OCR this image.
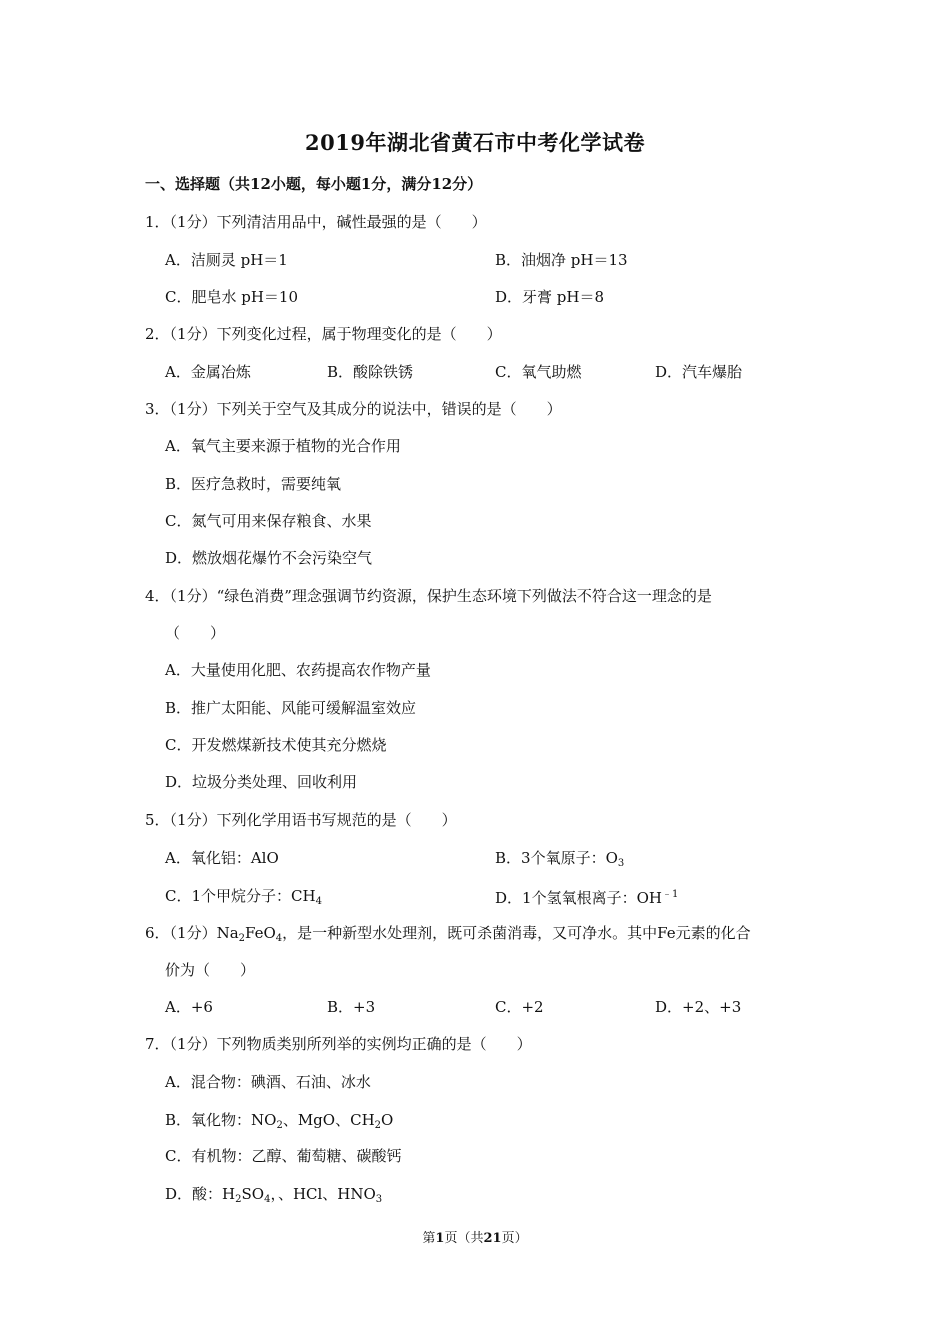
2019年湖北省黄石市中考化学试卷
一、选择题（共12小题，每小题1分，满分12分）
1．（1分）下列清洁用品中，碱性最强的是（　　）
A．洁厕灵 pH＝1	B．油烟净 pH＝13
C．肥皂水 pH＝10	D．牙膏 pH＝8
2．（1分）下列变化过程，属于物理变化的是（　　）
A．金属冶炼	B．酸除铁锈	C．氧气助燃	D．汽车爆胎
3．（1分）下列关于空气及其成分的说法中，错误的是（　　）
A．氧气主要来源于植物的光合作用
B．医疗急救时，需要纯氧
C．氮气可用来保存粮食、水果
D．燃放烟花爆竹不会污染空气
4．（1分）“绿色消费”理念强调节约资源，保护生态环境下列做法不符合这一理念的是
（　　）
A．大量使用化肥、农药提高农作物产量
B．推广太阳能、风能可缓解温室效应
C．开发燃煤新技术使其充分燃烧
D．垃圾分类处理、回收利用
5．（1分）下列化学用语书写规范的是（　　）
A．氧化铝：AlO	B．3个氧原子：$O_3$
C．1个甲烷分子：$CH_4$	D．1个氢氧根离子：$OH^{﹣1}$
6．（1分）$Na_2FeO_4$，是一种新型水处理剂，既可杀菌消毒，又可净水。其中Fe元素的化合
价为（　　）
A．+6	B．+3	C．+2	D．+2、+3
7．（1分）下列物质类别所列举的实例均正确的是（　　）
A．混合物：碘酒、石油、冰水
B．氧化物：$NO_2$、MgO、$CH_2O$
C．有机物：乙醇、葡萄糖、碳酸钙
D．酸：$H_2SO_4$，、HCl、$HNO_3$
第1页（共21页）
